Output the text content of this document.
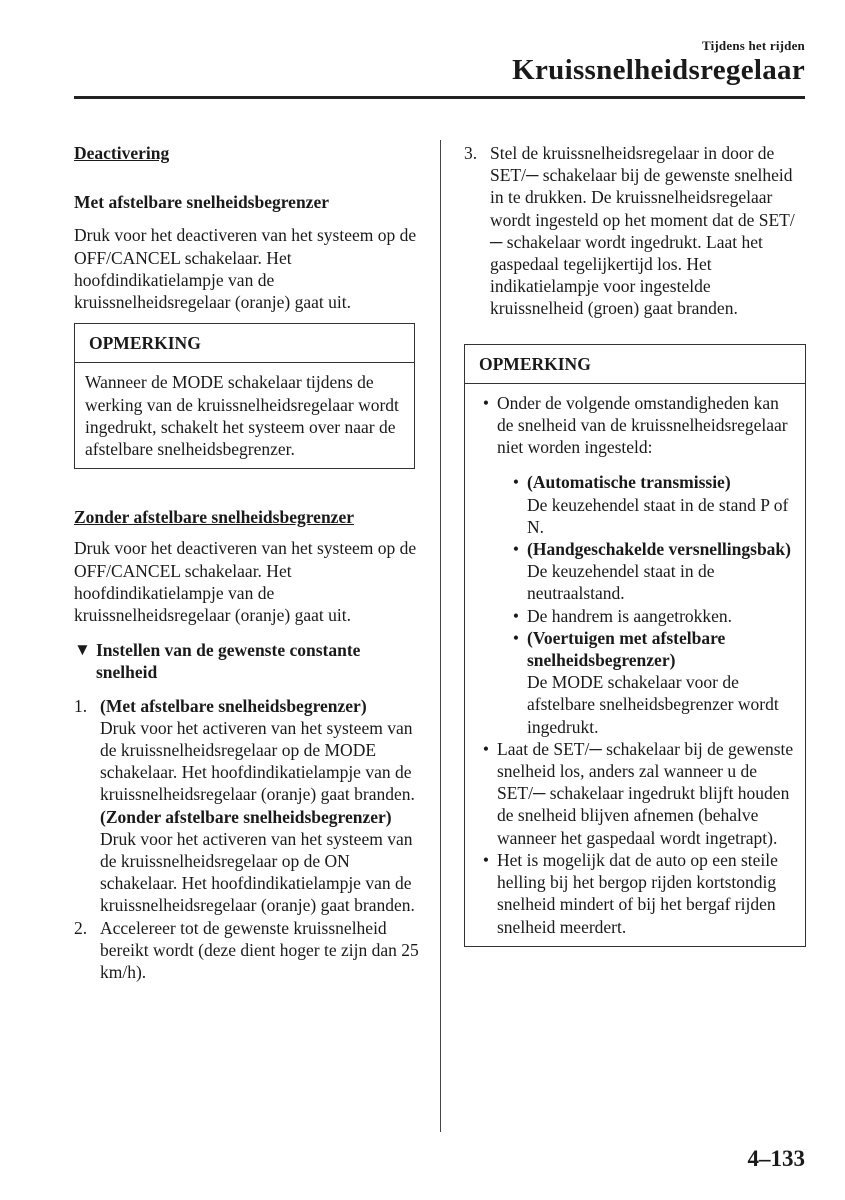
Tijdens het rijden
Kruissnelheidsregelaar

Deactivering

Met afstelbare snelheidsbegrenzer

Druk voor het deactiveren van het systeem op de OFF/CANCEL schakelaar. Het hoofdindikatielampje van de kruissnelheidsregelaar (oranje) gaat uit.

OPMERKING
Wanneer de MODE schakelaar tijdens de werking van de kruissnelheidsregelaar wordt ingedrukt, schakelt het systeem over naar de afstelbare snelheidsbegrenzer.

Zonder afstelbare snelheidsbegrenzer

Druk voor het deactiveren van het systeem op de OFF/CANCEL schakelaar. Het hoofdindikatielampje van de kruissnelheidsregelaar (oranje) gaat uit.

▼ Instellen van de gewenste constante snelheid
1. (Met afstelbare snelheidsbegrenzer)

Druk voor het activeren van het systeem van de kruissnelheidsregelaar op de MODE schakelaar. Het hoofdindikatielampje van de kruissnelheidsregelaar (oranje) gaat branden.

(Zonder afstelbare snelheidsbegrenzer)

Druk voor het activeren van het systeem van de kruissnelheidsregelaar op de ON schakelaar. Het hoofdindikatielampje van de kruissnelheidsregelaar (oranje) gaat branden.

2. Accelereer tot de gewenste kruissnelheid bereikt wordt (deze dient hoger te zijn dan 25 km/h).

3. Stel de kruissnelheidsregelaar in door de SET/─ schakelaar bij de gewenste snelheid in te drukken. De kruissnelheidsregelaar wordt ingesteld op het moment dat de SET/─ schakelaar wordt ingedrukt. Laat het gaspedaal tegelijkertijd los. Het indikatielampje voor ingestelde kruissnelheid (groen) gaat branden.

OPMERKING
• Onder de volgende omstandigheden kan de snelheid van de kruissnelheidsregelaar niet worden ingesteld:

• (Automatische transmissie)

De keuzehendel staat in de stand P of N.

• (Handgeschakelde versnellingsbak)

De keuzehendel staat in de neutraalstand.

• De handrem is aangetrokken.

• (Voertuigen met afstelbare snelheidsbegrenzer)

De MODE schakelaar voor de afstelbare snelheidsbegrenzer wordt ingedrukt.

• Laat de SET/─ schakelaar bij de gewenste snelheid los, anders zal wanneer u de SET/─ schakelaar ingedrukt blijft houden de snelheid blijven afnemen (behalve wanneer het gaspedaal wordt ingetrapt).

• Het is mogelijk dat de auto op een steile helling bij het bergop rijden kortstondig snelheid mindert of bij het bergaf rijden snelheid meerdert.

4–133
